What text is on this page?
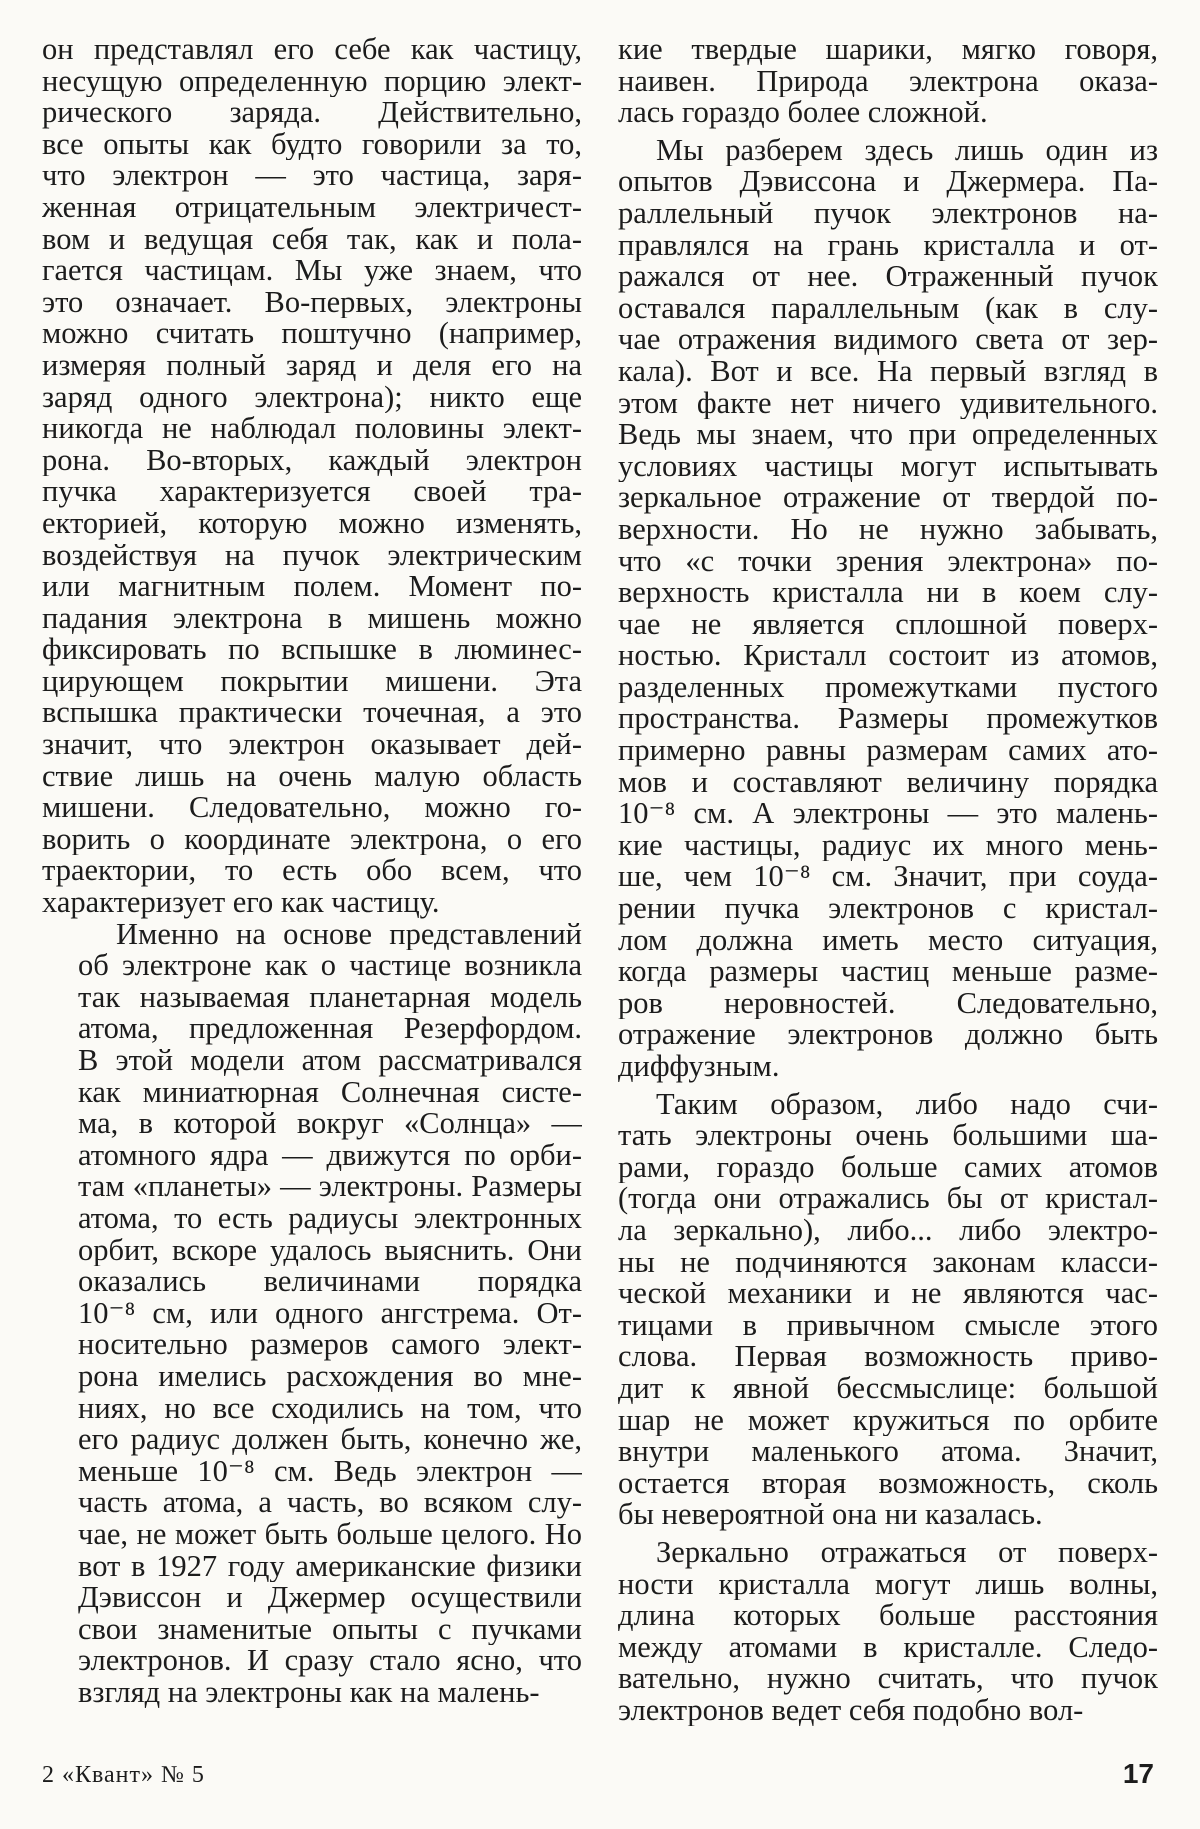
он представлял его себе как частицу,
несущую определенную порцию элект-
рического заряда. Действительно,
все опыты как будто говорили за то,
что электрон — это частица, заря-
женная отрицательным электричест-
вом и ведущая себя так, как и пола-
гается частицам. Мы уже знаем, что
это означает. Во-первых, электроны
можно считать поштучно (например,
измеряя полный заряд и деля его на
заряд одного электрона); никто еще
никогда не наблюдал половины элект-
рона. Во-вторых, каждый электрон
пучка характеризуется своей тра-
екторией, которую можно изменять,
воздействуя на пучок электрическим
или магнитным полем. Момент по-
падания электрона в мишень можно
фиксировать по вспышке в люминес-
цирующем покрытии мишени. Эта
вспышка практически точечная, а это
значит, что электрон оказывает дей-
ствие лишь на очень малую область
мишени. Следовательно, можно го-
ворить о координате электрона, о его
траектории, то есть обо всем, что
характеризует его как частицу.
Именно на основе представлений
об электроне как о частице возникла
так называемая планетарная модель
атома, предложенная Резерфордом.
В этой модели атом рассматривался
как миниатюрная Солнечная систе-
ма, в которой вокруг «Солнца» —
атомного ядра — движутся по орби-
там «планеты» — электроны. Размеры
атома, то есть радиусы электронных
орбит, вскоре удалось выяснить. Они
оказались величинами порядка
10⁻⁸ см, или одного ангстрема. От-
носительно размеров самого элект-
рона имелись расхождения во мне-
ниях, но все сходились на том, что
его радиус должен быть, конечно же,
меньше 10⁻⁸ см. Ведь электрон —
часть атома, а часть, во всяком слу-
чае, не может быть больше целого. Но
вот в 1927 году американские физики
Дэвиссон и Джермер осуществили
свои знаменитые опыты с пучками
электронов. И сразу стало ясно, что
взгляд на электроны как на малень-
кие твердые шарики, мягко говоря,
наивен. Природа электрона оказа-
лась гораздо более сложной.
Мы разберем здесь лишь один из
опытов Дэвиссона и Джермера. Па-
раллельный пучок электронов на-
правлялся на грань кристалла и от-
ражался от нее. Отраженный пучок
оставался параллельным (как в слу-
чае отражения видимого света от зер-
кала). Вот и все. На первый взгляд в
этом факте нет ничего удивительного.
Ведь мы знаем, что при определенных
условиях частицы могут испытывать
зеркальное отражение от твердой по-
верхности. Но не нужно забывать,
что «с точки зрения электрона» по-
верхность кристалла ни в коем слу-
чае не является сплошной поверх-
ностью. Кристалл состоит из атомов,
разделенных промежутками пустого
пространства. Размеры промежутков
примерно равны размерам самих ато-
мов и составляют величину порядка
10⁻⁸ см. А электроны — это малень-
кие частицы, радиус их много мень-
ше, чем 10⁻⁸ см. Значит, при соуда-
рении пучка электронов с кристал-
лом должна иметь место ситуация,
когда размеры частиц меньше разме-
ров неровностей. Следовательно,
отражение электронов должно быть
диффузным.
Таким образом, либо надо счи-
тать электроны очень большими ша-
рами, гораздо больше самих атомов
(тогда они отражались бы от кристал-
ла зеркально), либо... либо электро-
ны не подчиняются законам класси-
ческой механики и не являются час-
тицами в привычном смысле этого
слова. Первая возможность приво-
дит к явной бессмыслице: большой
шар не может кружиться по орбите
внутри маленького атома. Значит,
остается вторая возможность, сколь
бы невероятной она ни казалась.
Зеркально отражаться от поверх-
ности кристалла могут лишь волны,
длина которых больше расстояния
между атомами в кристалле. Следо-
вательно, нужно считать, что пучок
электронов ведет себя подобно вол-
2 «Квант» № 5	17
